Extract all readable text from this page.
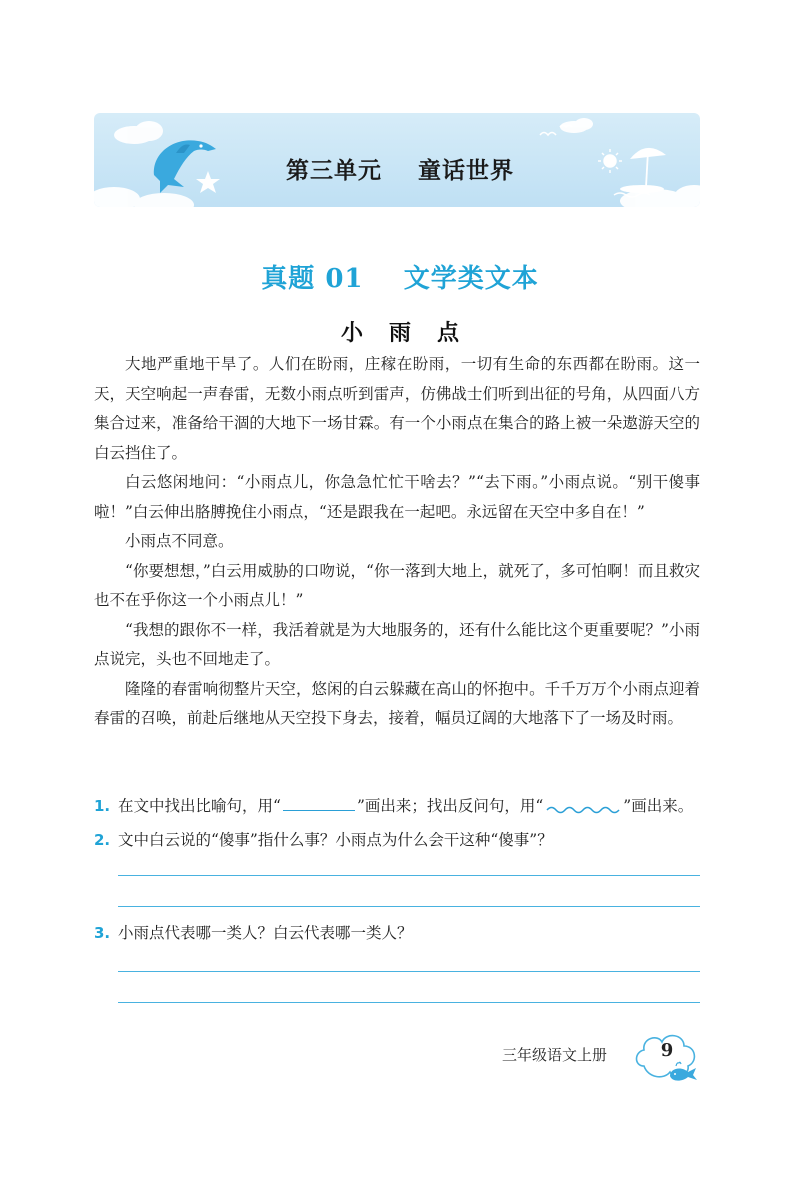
第三单元    童话世界
真题 01    文学类文本
小雨点

大地严重地干旱了。人们在盼雨，庄稼在盼雨，一切有生命的东西都在盼雨。这一天，天空响起一声春雷，无数小雨点听到雷声，仿佛战士们听到出征的号角，从四面八方集合过来，准备给干涸的大地下一场甘霖。有一个小雨点在集合的路上被一朵遨游天空的白云挡住了。

白云悠闲地问：“小雨点儿，你急急忙忙干啥去？”“去下雨。”小雨点说。“别干傻事啦！”白云伸出胳膊挽住小雨点，“还是跟我在一起吧。永远留在天空中多自在！”

小雨点不同意。

“你要想想，”白云用威胁的口吻说，“你一落到大地上，就死了，多可怕啊！而且救灾也不在乎你这一个小雨点儿！”

“我想的跟你不一样，我活着就是为大地服务的，还有什么能比这个更重要呢？”小雨点说完，头也不回地走了。

隆隆的春雷响彻整片天空，悠闲的白云躲藏在高山的怀抱中。千千万万个小雨点迎着春雷的召唤，前赴后继地从天空投下身去，接着，幅员辽阔的大地落下了一场及时雨。

1. 在文中找出比喻句，用“	”画出来；找出反问句，用“	”画出来。
2. 文中白云说的“傻事”指什么事？小雨点为什么会干这种“傻事”？
3. 小雨点代表哪一类人？白云代表哪一类人？
三年级语文上册	9
